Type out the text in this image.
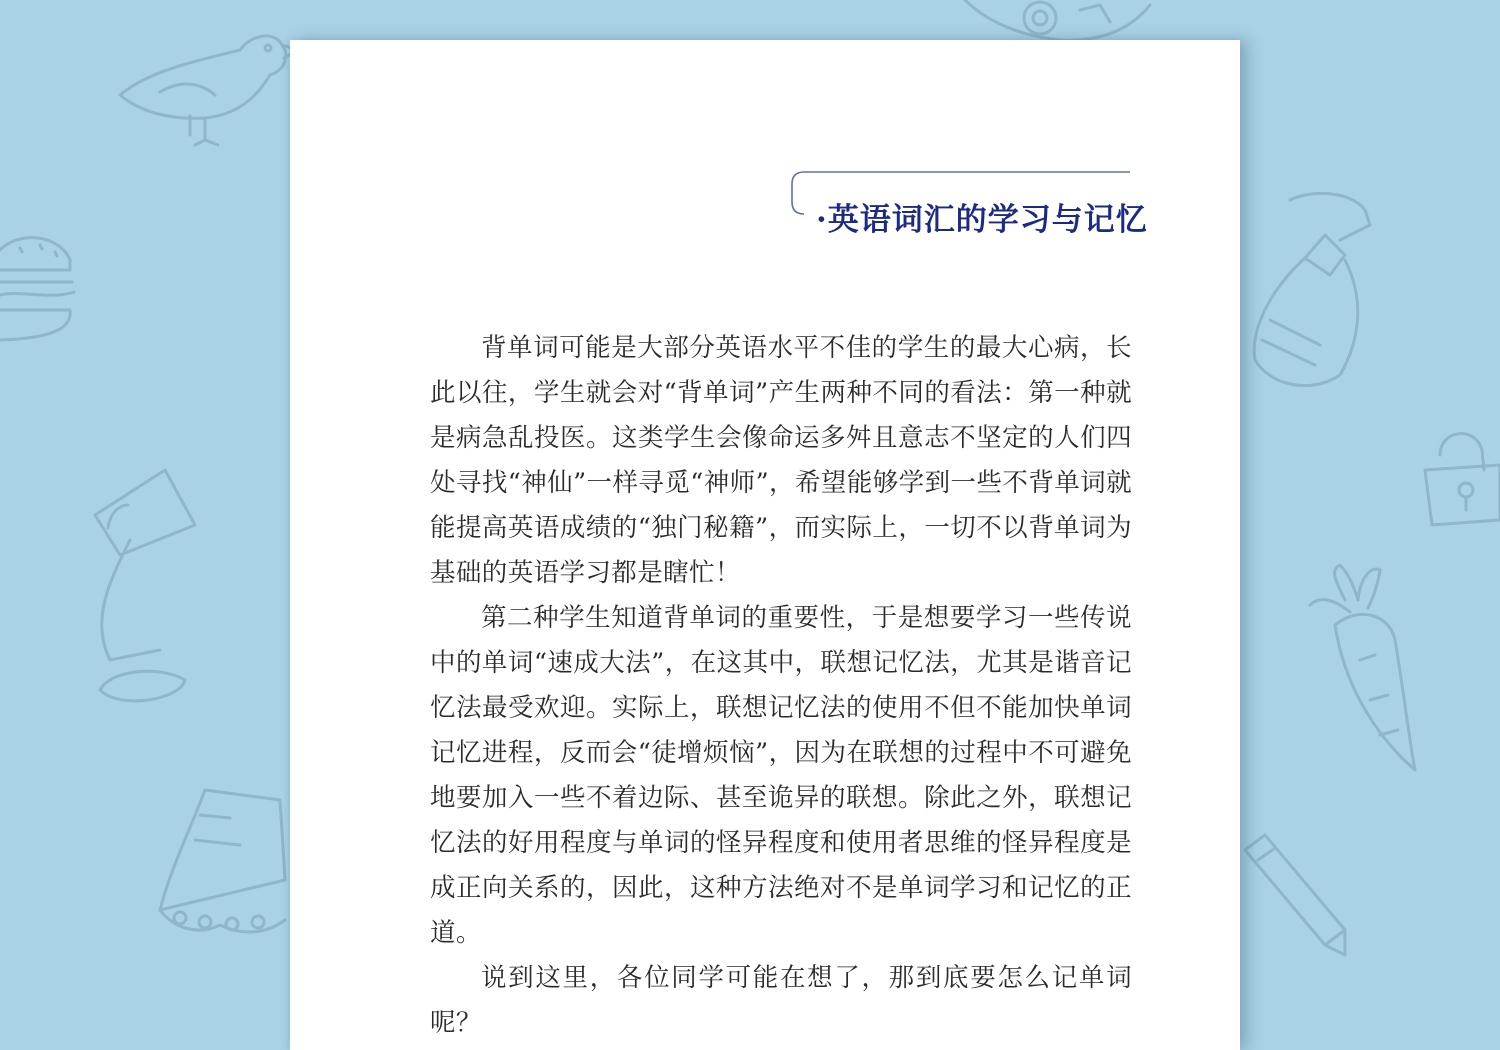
·英语词汇的学习与记忆

背单词可能是大部分英语水平不佳的学生的最大心病，长此以往，学生就会对“背单词”产生两种不同的看法：第一种就是病急乱投医。这类学生会像命运多舛且意志不坚定的人们四处寻找“神仙”一样寻觅“神师”，希望能够学到一些不背单词就能提高英语成绩的“独门秘籍”，而实际上，一切不以背单词为基础的英语学习都是瞎忙！

第二种学生知道背单词的重要性，于是想要学习一些传说中的单词“速成大法”，在这其中，联想记忆法，尤其是谐音记忆法最受欢迎。实际上，联想记忆法的使用不但不能加快单词记忆进程，反而会“徒增烦恼”，因为在联想的过程中不可避免地要加入一些不着边际、甚至诡异的联想。除此之外，联想记忆法的好用程度与单词的怪异程度和使用者思维的怪异程度是成正向关系的，因此，这种方法绝对不是单词学习和记忆的正道。

说到这里，各位同学可能在想了，那到底要怎么记单词呢？
